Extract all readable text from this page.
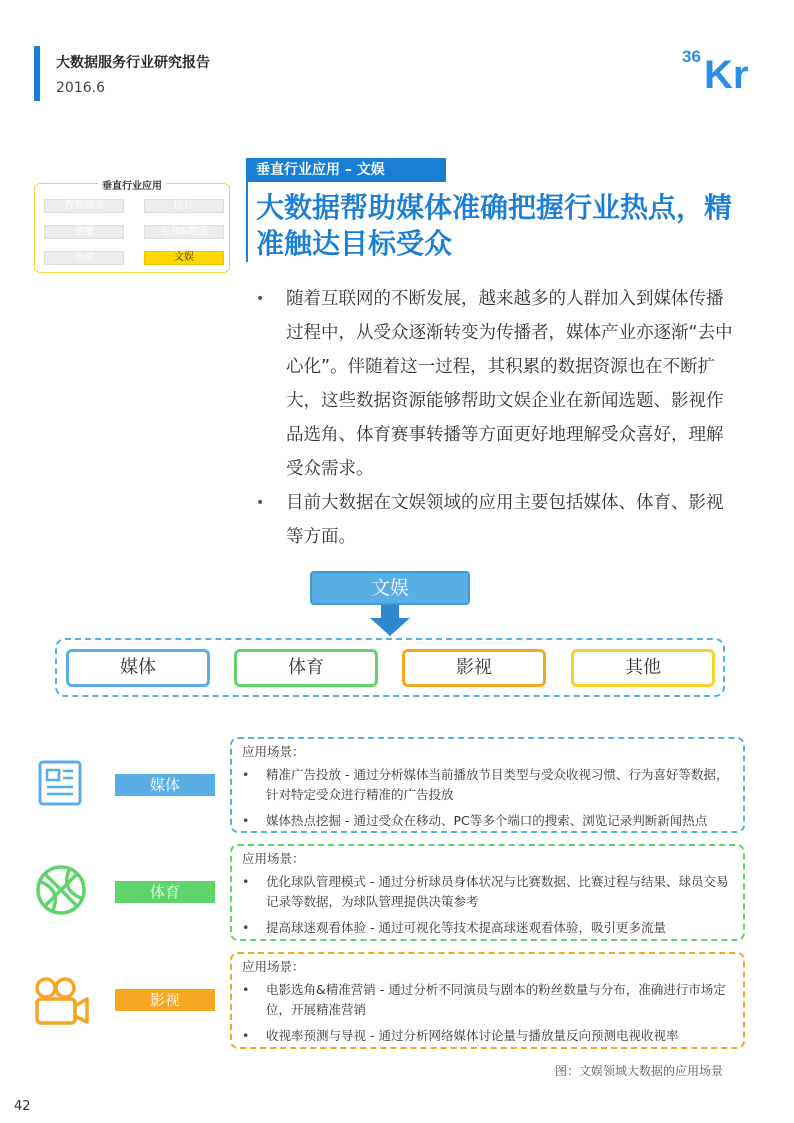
大数据服务行业研究报告
2016.6
36 Kr
垂直行业应用
智慧城市	医疗
金融	电商&物流
电信	文娱
垂直行业应用 – 文娱
大数据帮助媒体准确把握行业热点，精准触达目标受众
• 随着互联网的不断发展，越来越多的人群加入到媒体传播过程中，从受众逐渐转变为传播者，媒体产业亦逐渐“去中心化”。伴随着这一过程，其积累的数据资源也在不断扩大，这些数据资源能够帮助文娱企业在新闻选题、影视作品选角、体育赛事转播等方面更好地理解受众喜好，理解受众需求。
• 目前大数据在文娱领域的应用主要包括媒体、体育、影视等方面。
文娱
媒体	体育	影视	其他
媒体
应用场景：
• 精准广告投放 - 通过分析媒体当前播放节目类型与受众收视习惯、行为喜好等数据，针对特定受众进行精准的广告投放
• 媒体热点挖掘 - 通过受众在移动、PC等多个端口的搜索、浏览记录判断新闻热点
体育
应用场景：
• 优化球队管理模式 - 通过分析球员身体状况与比赛数据、比赛过程与结果、球员交易记录等数据，为球队管理提供决策参考
• 提高球迷观看体验 - 通过可视化等技术提高球迷观看体验，吸引更多流量
影视
应用场景：
• 电影选角&精准营销 - 通过分析不同演员与剧本的粉丝数量与分布，准确进行市场定位，开展精准营销
• 收视率预测与导视 - 通过分析网络媒体讨论量与播放量反向预测电视收视率
图：文娱领域大数据的应用场景
42
